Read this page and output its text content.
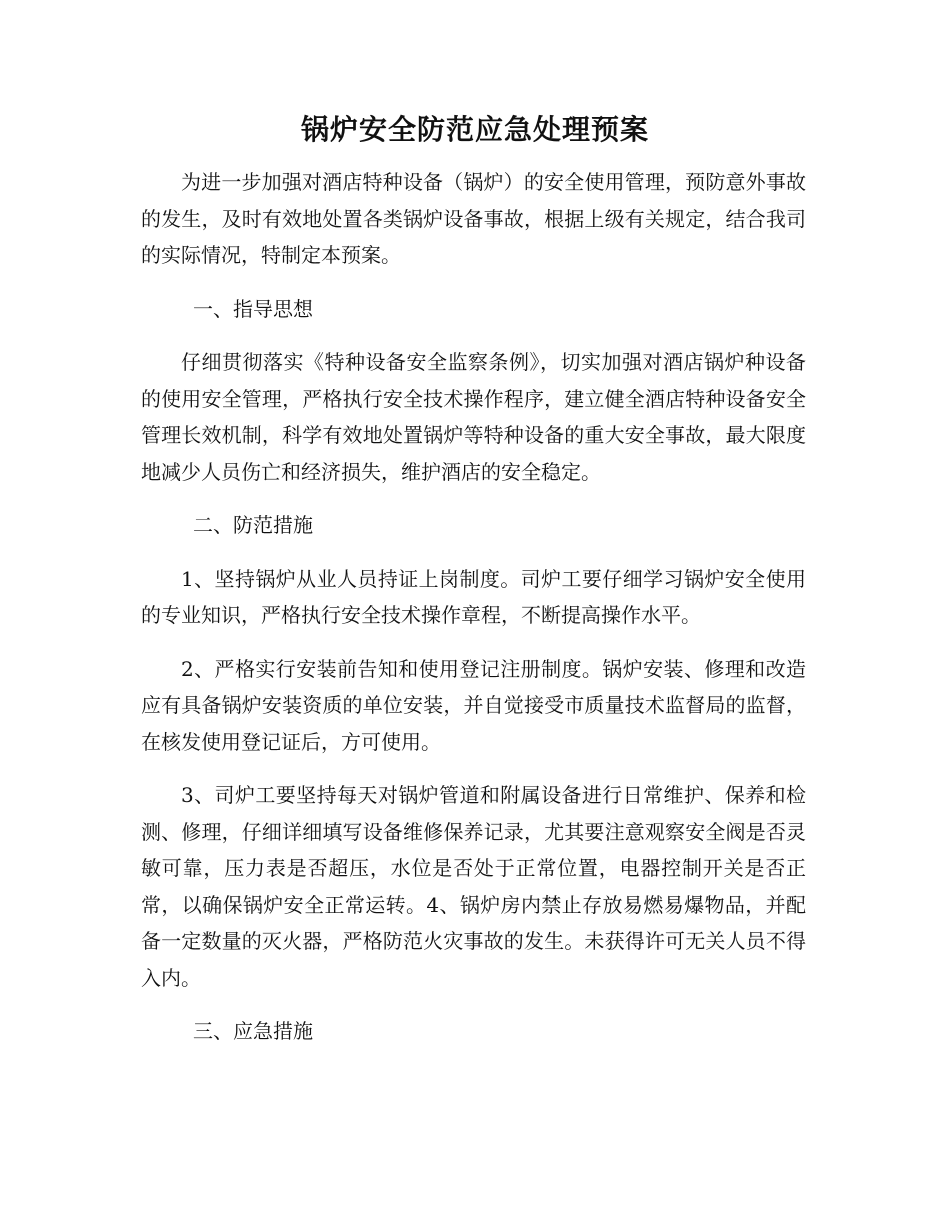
锅炉安全防范应急处理预案

为进一步加强对酒店特种设备（锅炉）的安全使用管理，预防意外事故的发生，及时有效地处置各类锅炉设备事故，根据上级有关规定，结合我司的实际情况，特制定本预案。

一、指导思想

仔细贯彻落实《特种设备安全监察条例》，切实加强对酒店锅炉种设备的使用安全管理，严格执行安全技术操作程序，建立健全酒店特种设备安全管理长效机制，科学有效地处置锅炉等特种设备的重大安全事故，最大限度地减少人员伤亡和经济损失，维护酒店的安全稳定。

二、防范措施

1、坚持锅炉从业人员持证上岗制度。司炉工要仔细学习锅炉安全使用的专业知识，严格执行安全技术操作章程，不断提高操作水平。

2、严格实行安装前告知和使用登记注册制度。锅炉安装、修理和改造应有具备锅炉安装资质的单位安装，并自觉接受市质量技术监督局的监督，在核发使用登记证后，方可使用。

3、司炉工要坚持每天对锅炉管道和附属设备进行日常维护、保养和检测、修理，仔细详细填写设备维修保养记录，尤其要注意观察安全阀是否灵敏可靠，压力表是否超压，水位是否处于正常位置，电器控制开关是否正常，以确保锅炉安全正常运转。4、锅炉房内禁止存放易燃易爆物品，并配备一定数量的灭火器，严格防范火灾事故的发生。未获得许可无关人员不得入内。

三、应急措施
